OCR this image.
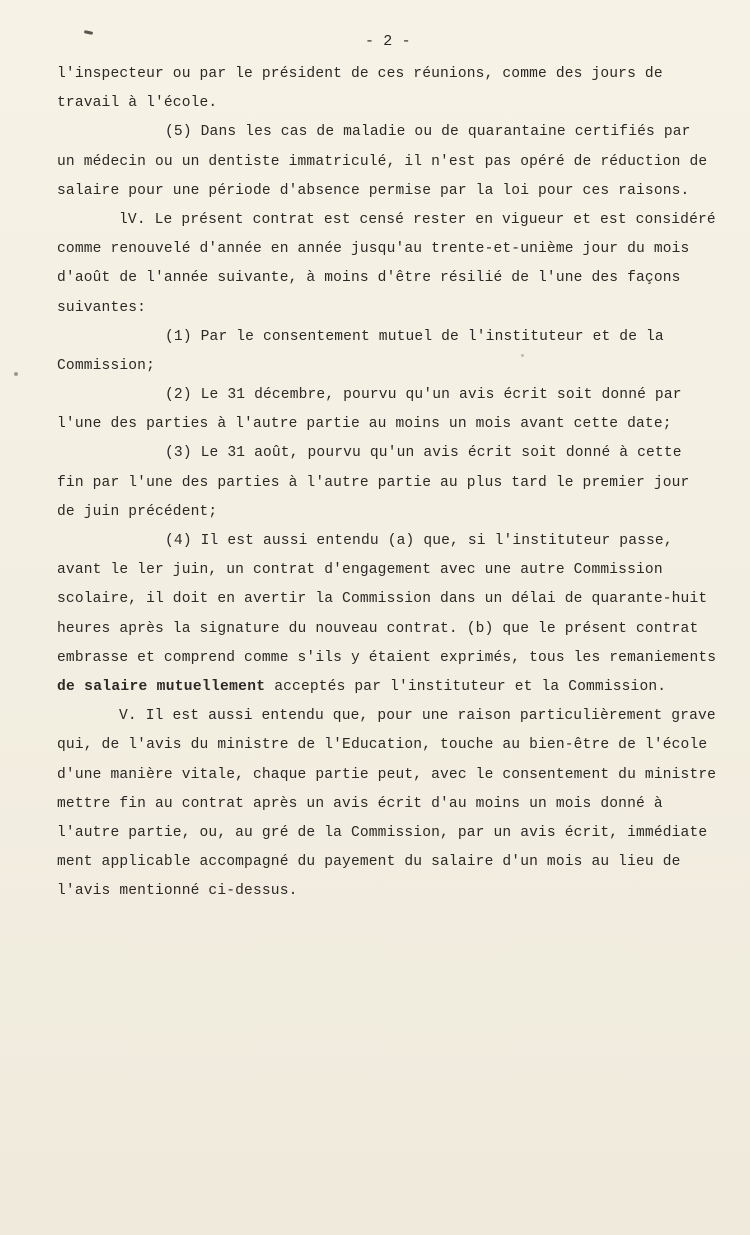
- 2 -
l'inspecteur ou par le président de ces réunions, comme des jours de
travail à l'école.
(5) Dans les cas de maladie ou de quarantaine certifiés par
un médecin ou un dentiste immatriculé, il n'est pas opéré de réduction de
salaire pour une période d'absence permise par la loi pour ces raisons.
lV. Le présent contrat est censé rester en vigueur et est considéré
comme renouvelé d'année en année jusqu'au trente-et-unième jour du mois
d'août de l'année suivante, à moins d'être résilié de l'une des façons
suivantes:
(1) Par le consentement mutuel de l'instituteur et de la
Commission;
(2) Le 31 décembre, pourvu qu'un avis écrit soit donné par
l'une des parties à l'autre partie au moins un mois avant cette date;
(3) Le 31 août, pourvu qu'un avis écrit soit donné à cette
fin par l'une des parties à l'autre partie au plus tard le premier jour
de juin précédent;
(4) Il est aussi entendu (a) que, si l'instituteur passe,
avant le ler juin, un contrat d'engagement avec une autre Commission
scolaire, il doit en avertir la Commission dans un délai de quarante-huit
heures après la signature du nouveau contrat. (b) que le présent contrat
embrasse et comprend comme s'ils y étaient exprimés, tous les remaniements
de salaire mutuellement acceptés par l'instituteur et la Commission.
V. Il est aussi entendu que, pour une raison particulièrement grave
qui, de l'avis du ministre de l'Education, touche au bien-être de l'école
d'une manière vitale, chaque partie peut, avec le consentement du ministre
mettre fin au contrat après un avis écrit d'au moins un mois donné à
l'autre partie, ou, au gré de la Commission, par un avis écrit, immédiate
ment applicable accompagné du payement du salaire d'un mois au lieu de
l'avis mentionné ci-dessus.
